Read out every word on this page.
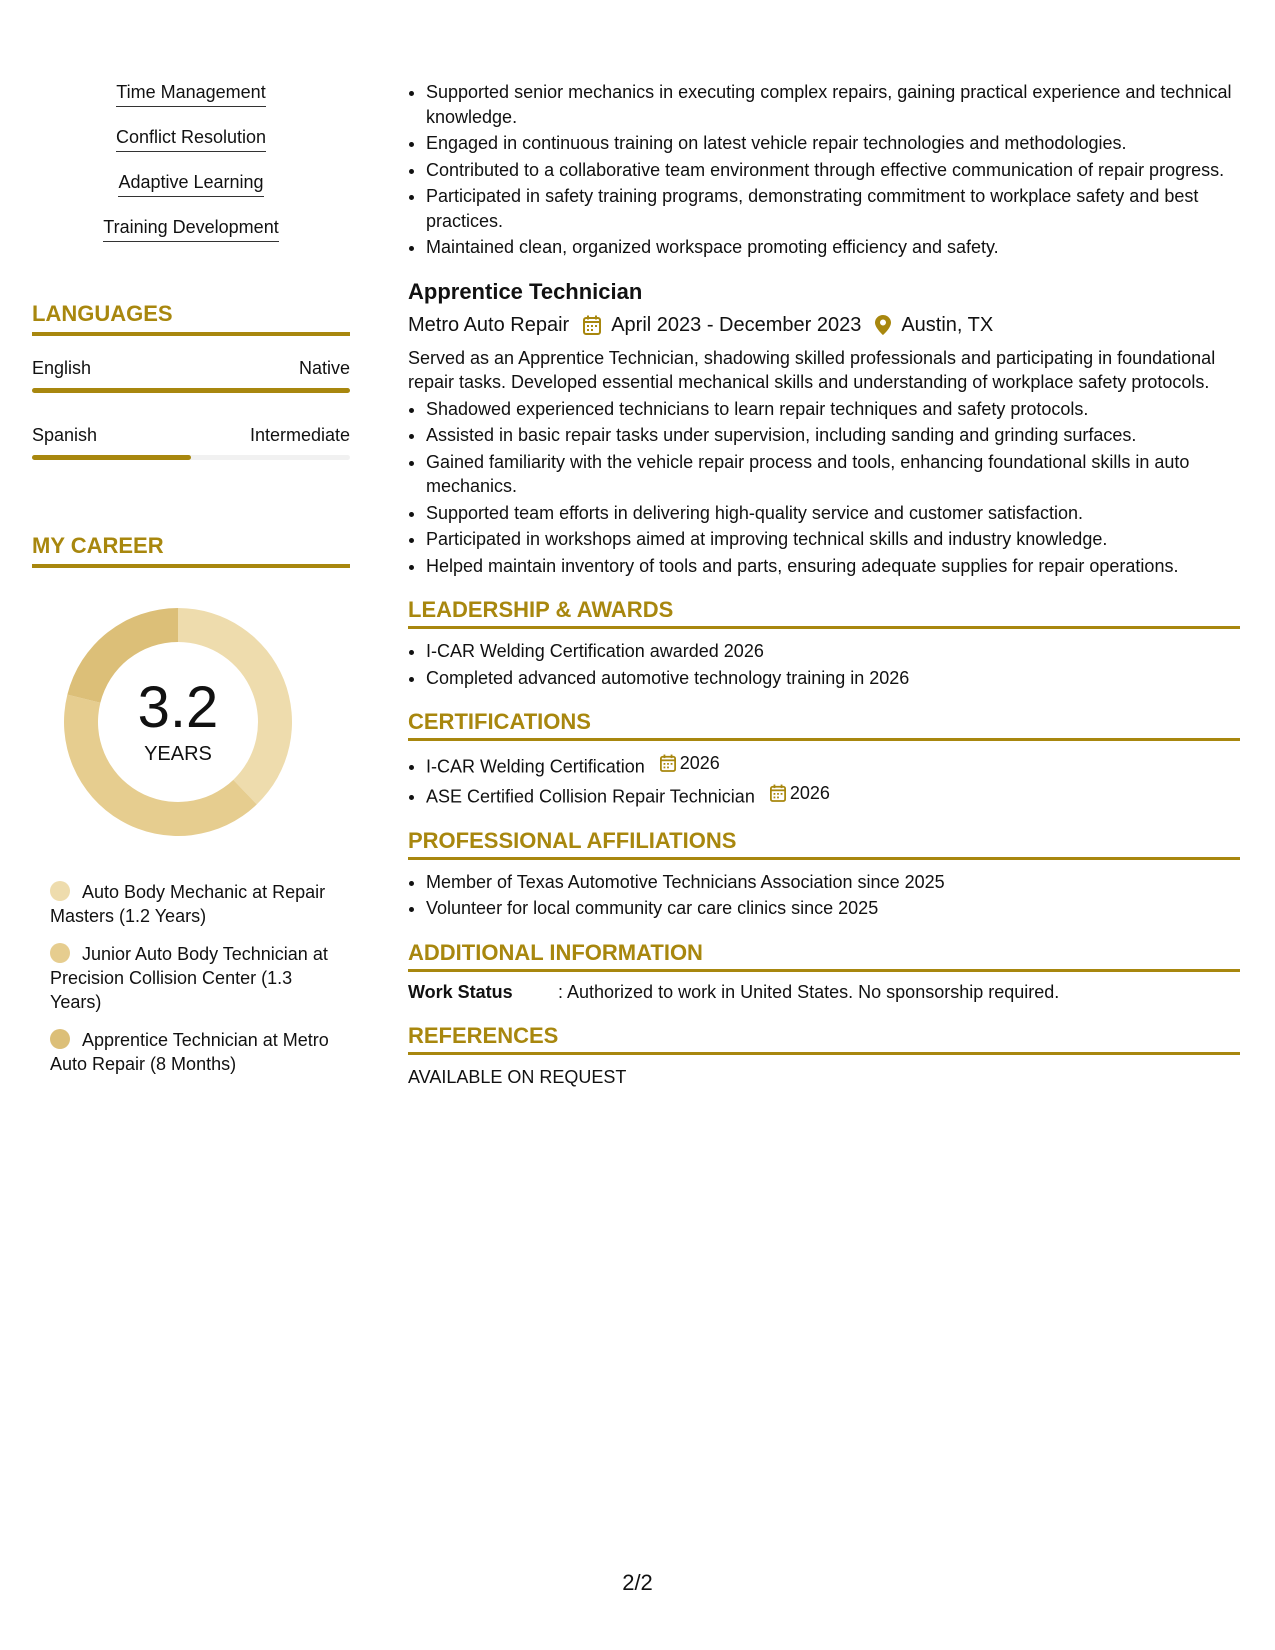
Time Management
Conflict Resolution
Adaptive Learning
Training Development
LANGUAGES
English	Native
Spanish	Intermediate
MY CAREER
3.2
YEARS
Auto Body Mechanic at Repair Masters (1.2 Years)
Junior Auto Body Technician at Precision Collision Center (1.3 Years)
Apprentice Technician at Metro Auto Repair (8 Months)
• Supported senior mechanics in executing complex repairs, gaining practical experience and technical knowledge.
• Engaged in continuous training on latest vehicle repair technologies and methodologies.
• Contributed to a collaborative team environment through effective communication of repair progress.
• Participated in safety training programs, demonstrating commitment to workplace safety and best practices.
• Maintained clean, organized workspace promoting efficiency and safety.
Apprentice Technician
Metro Auto Repair April 2023 - December 2023 Austin, TX
Served as an Apprentice Technician, shadowing skilled professionals and participating in foundational repair tasks. Developed essential mechanical skills and understanding of workplace safety protocols.
• Shadowed experienced technicians to learn repair techniques and safety protocols.
• Assisted in basic repair tasks under supervision, including sanding and grinding surfaces.
• Gained familiarity with the vehicle repair process and tools, enhancing foundational skills in auto mechanics.
• Supported team efforts in delivering high-quality service and customer satisfaction.
• Participated in workshops aimed at improving technical skills and industry knowledge.
• Helped maintain inventory of tools and parts, ensuring adequate supplies for repair operations.
LEADERSHIP & AWARDS
• I-CAR Welding Certification awarded 2026
• Completed advanced automotive technology training in 2026
CERTIFICATIONS
• I-CAR Welding Certification 2026
• ASE Certified Collision Repair Technician 2026
PROFESSIONAL AFFILIATIONS
• Member of Texas Automotive Technicians Association since 2025
• Volunteer for local community car care clinics since 2025
ADDITIONAL INFORMATION
Work Status	: Authorized to work in United States. No sponsorship required.
REFERENCES
AVAILABLE ON REQUEST
2/2
